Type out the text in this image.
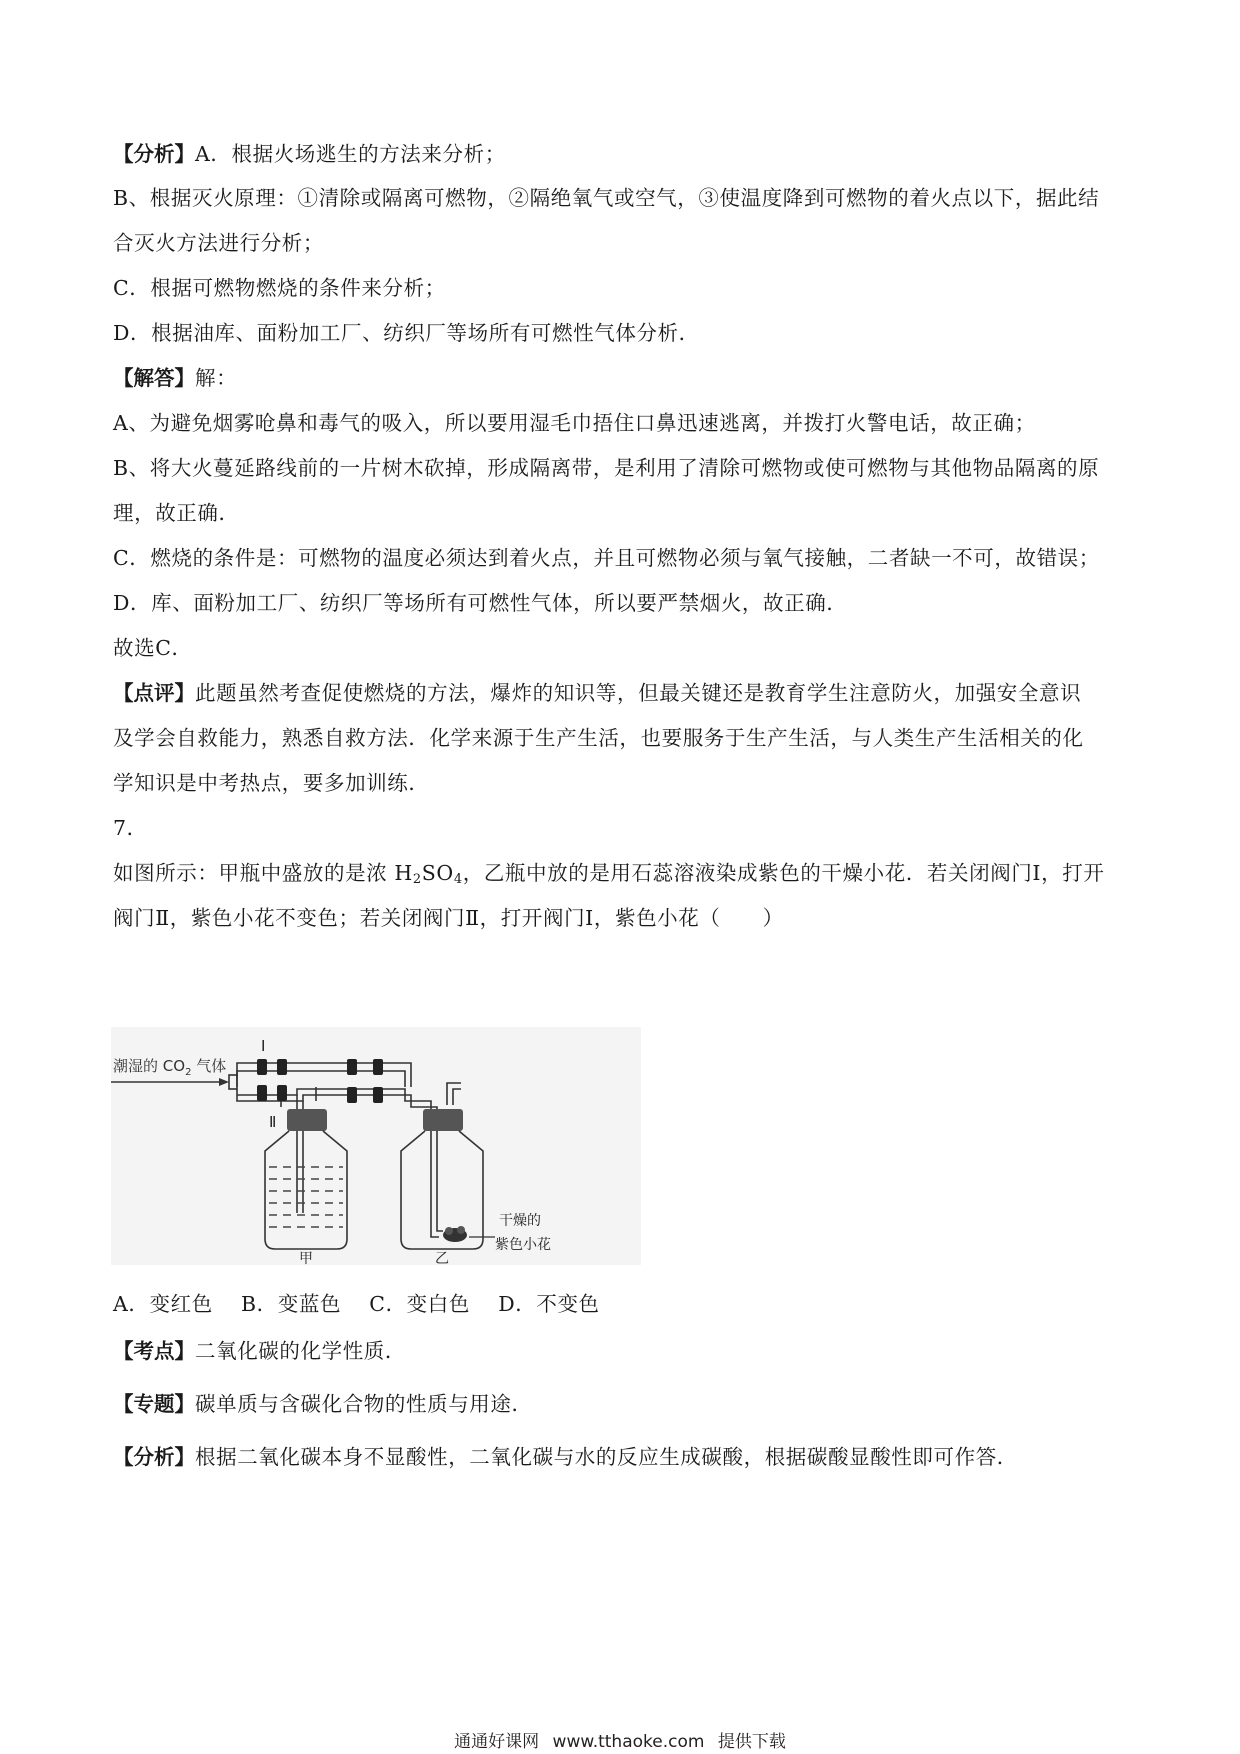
【分析】A．根据火场逃生的方法来分析；
B、根据灭火原理：①清除或隔离可燃物，②隔绝氧气或空气，③使温度降到可燃物的着火点以下，据此结
合灭火方法进行分析；
C．根据可燃物燃烧的条件来分析；
D．根据油库、面粉加工厂、纺织厂等场所有可燃性气体分析．
【解答】解：
A、为避免烟雾呛鼻和毒气的吸入，所以要用湿毛巾捂住口鼻迅速逃离，并拨打火警电话，故正确；
B、将大火蔓延路线前的一片树木砍掉，形成隔离带，是利用了清除可燃物或使可燃物与其他物品隔离的原
理，故正确．
C．燃烧的条件是：可燃物的温度必须达到着火点，并且可燃物必须与氧气接触，二者缺一不可，故错误；
D．库、面粉加工厂、纺织厂等场所有可燃性气体，所以要严禁烟火，故正确．
故选C．
【点评】此题虽然考查促使燃烧的方法，爆炸的知识等，但最关键还是教育学生注意防火，加强安全意识
及学会自救能力，熟悉自救方法．化学来源于生产生活，也要服务于生产生活，与人类生产生活相关的化
学知识是中考热点，要多加训练．
7．
如图所示：甲瓶中盛放的是浓 $H_2SO_4$，乙瓶中放的是用石蕊溶液染成紫色的干燥小花．若关闭阀门Ⅰ，打开
阀门Ⅱ，紫色小花不变色；若关闭阀门Ⅱ，打开阀门Ⅰ，紫色小花（　　）
潮湿的 $CO_2$ 气体
Ⅰ
Ⅱ
甲	乙
干燥的
紫色小花
A．变红色　 B．变蓝色　 C．变白色　 D．不变色
【考点】二氧化碳的化学性质．
【专题】碳单质与含碳化合物的性质与用途．
【分析】根据二氧化碳本身不显酸性，二氧化碳与水的反应生成碳酸，根据碳酸显酸性即可作答．
通通好课网 www.tthaoke.com 提供下载
